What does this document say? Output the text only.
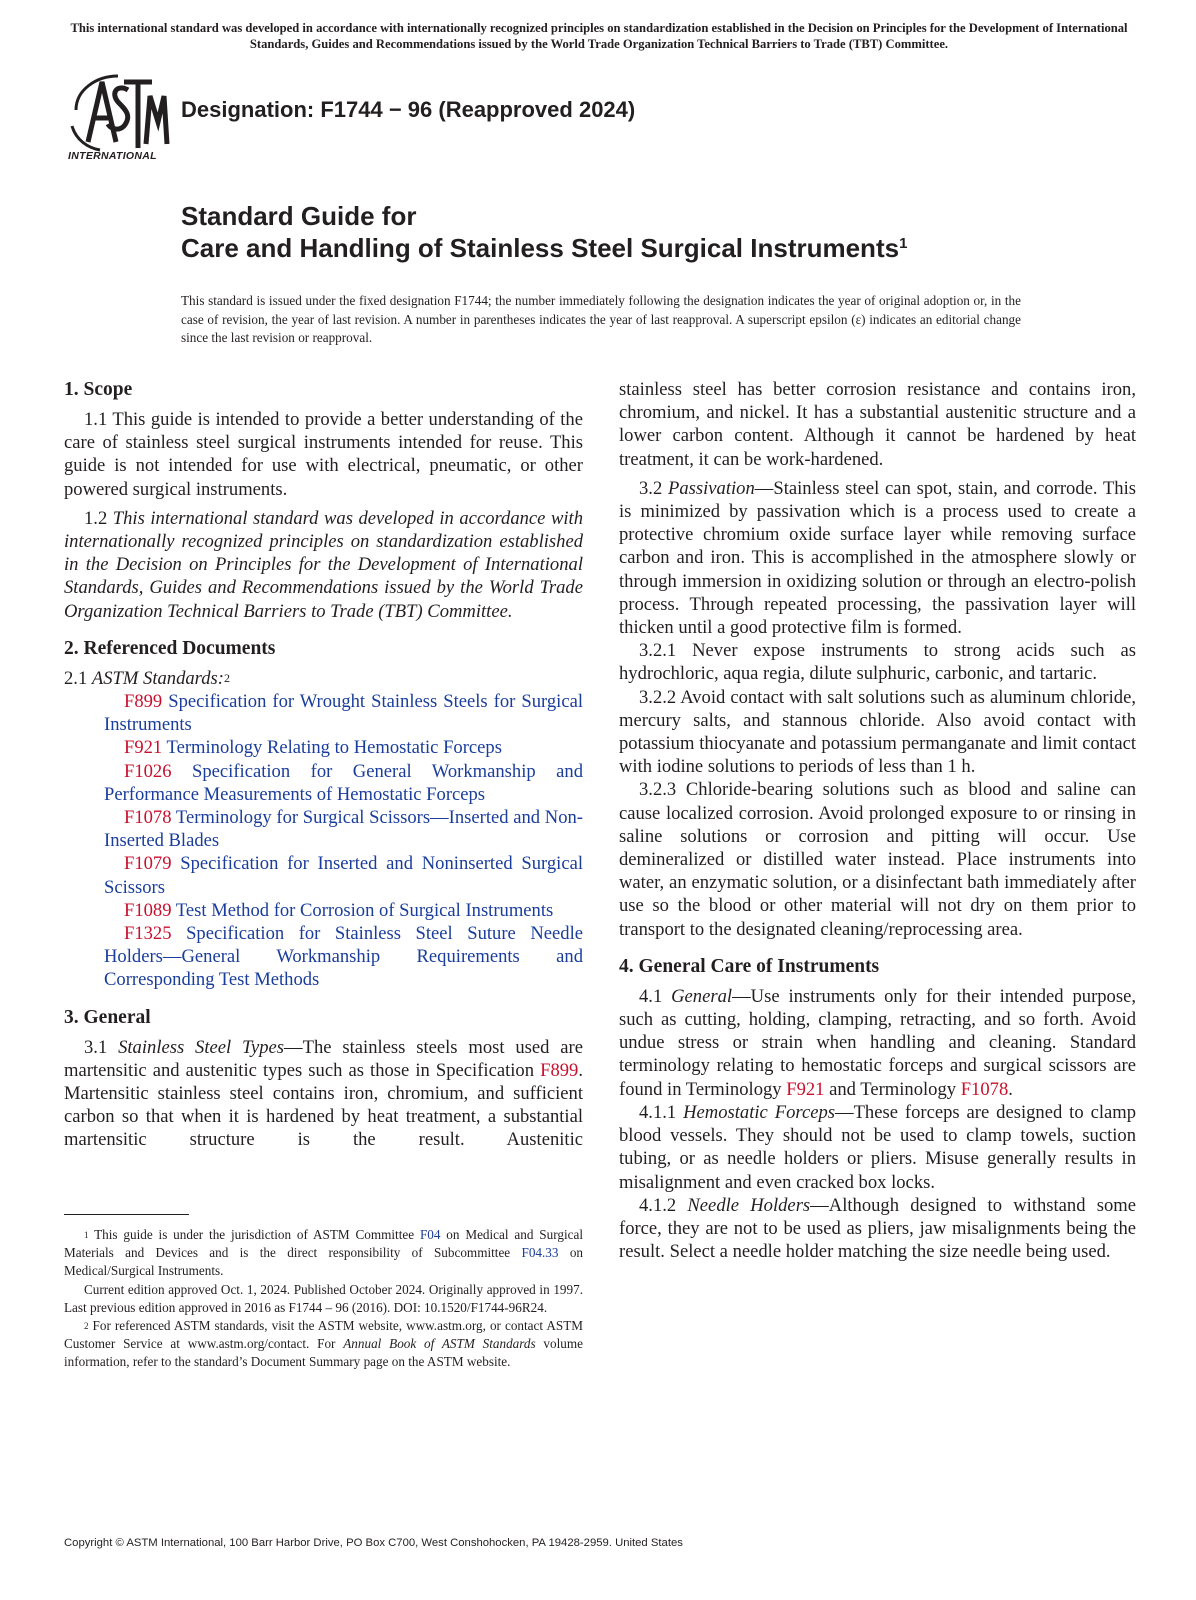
This international standard was developed in accordance with internationally recognized principles on standardization established in the Decision on Principles for the Development of International Standards, Guides and Recommendations issued by the World Trade Organization Technical Barriers to Trade (TBT) Committee.
INTERNATIONAL
Designation: F1744 − 96 (Reapproved 2024)
Standard Guide for
Care and Handling of Stainless Steel Surgical Instruments$^1$
This standard is issued under the fixed designation F1744; the number immediately following the designation indicates the year of original adoption or, in the case of revision, the year of last revision. A number in parentheses indicates the year of last reapproval. A superscript epsilon (ε) indicates an editorial change since the last revision or reapproval.
1. Scope

1.1 This guide is intended to provide a better understanding of the care of stainless steel surgical instruments intended for reuse. This guide is not intended for use with electrical, pneumatic, or other powered surgical instruments.

1.2 This international standard was developed in accordance with internationally recognized principles on standardization established in the Decision on Principles for the Development of International Standards, Guides and Recommendations issued by the World Trade Organization Technical Barriers to Trade (TBT) Committee.

2. Referenced Documents

2.1 ASTM Standards:$^2$

F899 Specification for Wrought Stainless Steels for Surgical Instruments

F921 Terminology Relating to Hemostatic Forceps

F1026 Specification for General Workmanship and Performance Measurements of Hemostatic Forceps

F1078 Terminology for Surgical Scissors—Inserted and Non-Inserted Blades

F1079 Specification for Inserted and Noninserted Surgical Scissors

F1089 Test Method for Corrosion of Surgical Instruments

F1325 Specification for Stainless Steel Suture Needle Holders—General Workmanship Requirements and Corresponding Test Methods

3. General

3.1 Stainless Steel Types—The stainless steels most used are martensitic and austenitic types such as those in Specification F899. Martensitic stainless steel contains iron, chromium, and sufficient carbon so that when it is hardened by heat treatment, a substantial martensitic structure is the result. Austenitic

$^1$ This guide is under the jurisdiction of ASTM Committee F04 on Medical and Surgical Materials and Devices and is the direct responsibility of Subcommittee F04.33 on Medical/Surgical Instruments.

Current edition approved Oct. 1, 2024. Published October 2024. Originally approved in 1997. Last previous edition approved in 2016 as F1744 – 96 (2016). DOI: 10.1520/F1744-96R24.

$^2$ For referenced ASTM standards, visit the ASTM website, www.astm.org, or contact ASTM Customer Service at www.astm.org/contact. For Annual Book of ASTM Standards volume information, refer to the standard’s Document Summary page on the ASTM website.

stainless steel has better corrosion resistance and contains iron, chromium, and nickel. It has a substantial austenitic structure and a lower carbon content. Although it cannot be hardened by heat treatment, it can be work-hardened.

3.2 Passivation—Stainless steel can spot, stain, and corrode. This is minimized by passivation which is a process used to create a protective chromium oxide surface layer while removing surface carbon and iron. This is accomplished in the atmosphere slowly or through immersion in oxidizing solution or through an electro-polish process. Through repeated processing, the passivation layer will thicken until a good protective film is formed.

3.2.1 Never expose instruments to strong acids such as hydrochloric, aqua regia, dilute sulphuric, carbonic, and tartaric.

3.2.2 Avoid contact with salt solutions such as aluminum chloride, mercury salts, and stannous chloride. Also avoid contact with potassium thiocyanate and potassium permanganate and limit contact with iodine solutions to periods of less than 1 h.

3.2.3 Chloride-bearing solutions such as blood and saline can cause localized corrosion. Avoid prolonged exposure to or rinsing in saline solutions or corrosion and pitting will occur. Use demineralized or distilled water instead. Place instruments into water, an enzymatic solution, or a disinfectant bath immediately after use so the blood or other material will not dry on them prior to transport to the designated cleaning/reprocessing area.

4. General Care of Instruments

4.1 General—Use instruments only for their intended purpose, such as cutting, holding, clamping, retracting, and so forth. Avoid undue stress or strain when handling and cleaning. Standard terminology relating to hemostatic forceps and surgical scissors are found in Terminology F921 and Terminology F1078.

4.1.1 Hemostatic Forceps—These forceps are designed to clamp blood vessels. They should not be used to clamp towels, suction tubing, or as needle holders or pliers. Misuse generally results in misalignment and even cracked box locks.

4.1.2 Needle Holders—Although designed to withstand some force, they are not to be used as pliers, jaw misalignments being the result. Select a needle holder matching the size needle being used.

Copyright © ASTM International, 100 Barr Harbor Drive, PO Box C700, West Conshohocken, PA 19428-2959. United States
